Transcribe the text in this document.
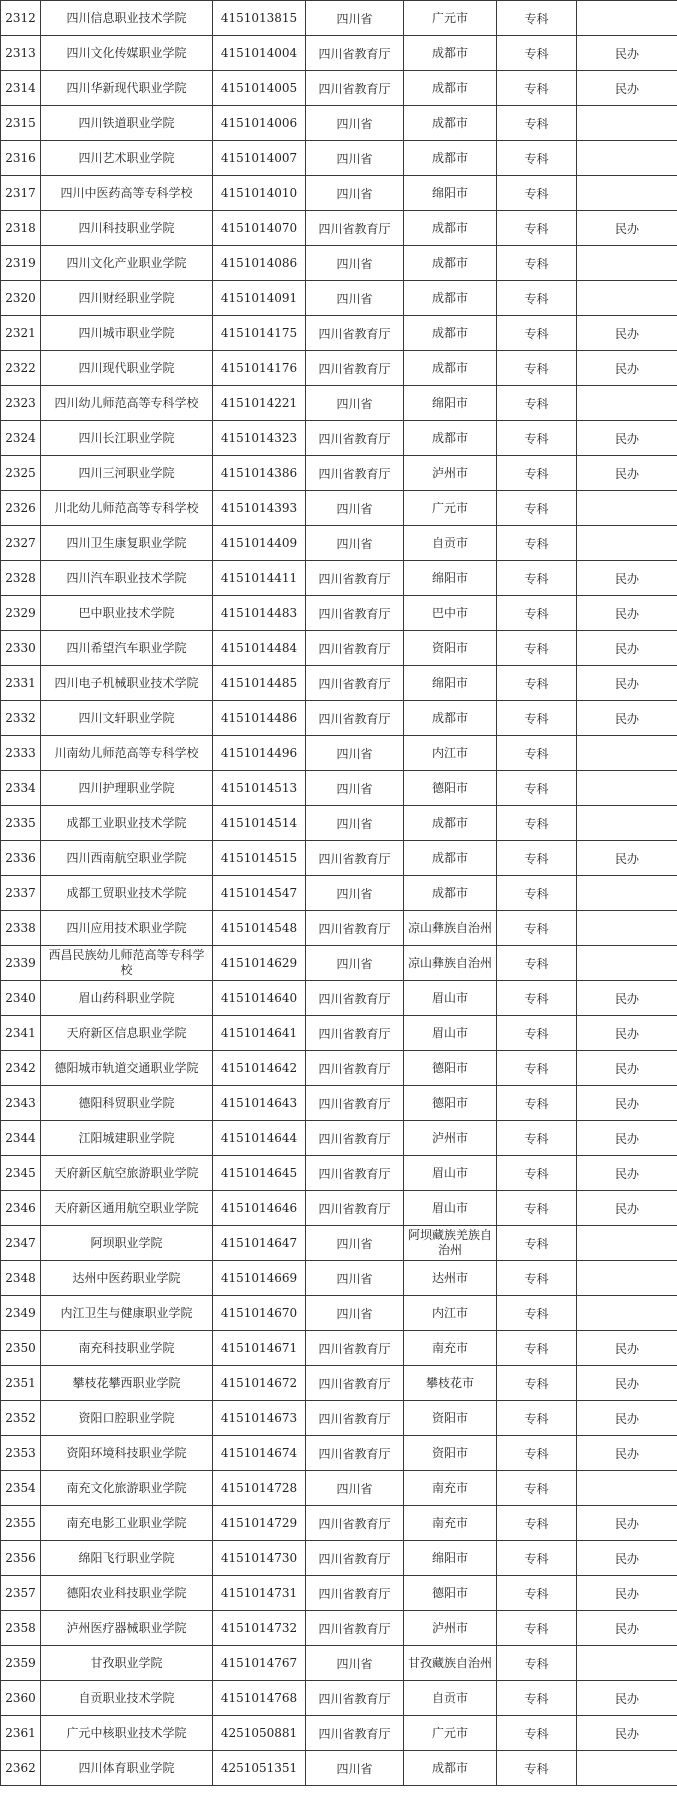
2312	四川信息职业技术学院	4151013815	四川省	广元市	专科	
2313	四川文化传媒职业学院	4151014004	四川省教育厅	成都市	专科	民办
2314	四川华新现代职业学院	4151014005	四川省教育厅	成都市	专科	民办
2315	四川铁道职业学院	4151014006	四川省	成都市	专科	
2316	四川艺术职业学院	4151014007	四川省	成都市	专科	
2317	四川中医药高等专科学校	4151014010	四川省	绵阳市	专科	
2318	四川科技职业学院	4151014070	四川省教育厅	成都市	专科	民办
2319	四川文化产业职业学院	4151014086	四川省	成都市	专科	
2320	四川财经职业学院	4151014091	四川省	成都市	专科	
2321	四川城市职业学院	4151014175	四川省教育厅	成都市	专科	民办
2322	四川现代职业学院	4151014176	四川省教育厅	成都市	专科	民办
2323	四川幼儿师范高等专科学校	4151014221	四川省	绵阳市	专科	
2324	四川长江职业学院	4151014323	四川省教育厅	成都市	专科	民办
2325	四川三河职业学院	4151014386	四川省教育厅	泸州市	专科	民办
2326	川北幼儿师范高等专科学校	4151014393	四川省	广元市	专科	
2327	四川卫生康复职业学院	4151014409	四川省	自贡市	专科	
2328	四川汽车职业技术学院	4151014411	四川省教育厅	绵阳市	专科	民办
2329	巴中职业技术学院	4151014483	四川省教育厅	巴中市	专科	民办
2330	四川希望汽车职业学院	4151014484	四川省教育厅	资阳市	专科	民办
2331	四川电子机械职业技术学院	4151014485	四川省教育厅	绵阳市	专科	民办
2332	四川文轩职业学院	4151014486	四川省教育厅	成都市	专科	民办
2333	川南幼儿师范高等专科学校	4151014496	四川省	内江市	专科	
2334	四川护理职业学院	4151014513	四川省	德阳市	专科	
2335	成都工业职业技术学院	4151014514	四川省	成都市	专科	
2336	四川西南航空职业学院	4151014515	四川省教育厅	成都市	专科	民办
2337	成都工贸职业技术学院	4151014547	四川省	成都市	专科	
2338	四川应用技术职业学院	4151014548	四川省教育厅	凉山彝族自治州	专科	
2339	西昌民族幼儿师范高等专科学校	4151014629	四川省	凉山彝族自治州	专科	
2340	眉山药科职业学院	4151014640	四川省教育厅	眉山市	专科	民办
2341	天府新区信息职业学院	4151014641	四川省教育厅	眉山市	专科	民办
2342	德阳城市轨道交通职业学院	4151014642	四川省教育厅	德阳市	专科	民办
2343	德阳科贸职业学院	4151014643	四川省教育厅	德阳市	专科	民办
2344	江阳城建职业学院	4151014644	四川省教育厅	泸州市	专科	民办
2345	天府新区航空旅游职业学院	4151014645	四川省教育厅	眉山市	专科	民办
2346	天府新区通用航空职业学院	4151014646	四川省教育厅	眉山市	专科	民办
2347	阿坝职业学院	4151014647	四川省	阿坝藏族羌族自治州	专科	
2348	达州中医药职业学院	4151014669	四川省	达州市	专科	
2349	内江卫生与健康职业学院	4151014670	四川省	内江市	专科	
2350	南充科技职业学院	4151014671	四川省教育厅	南充市	专科	民办
2351	攀枝花攀西职业学院	4151014672	四川省教育厅	攀枝花市	专科	民办
2352	资阳口腔职业学院	4151014673	四川省教育厅	资阳市	专科	民办
2353	资阳环境科技职业学院	4151014674	四川省教育厅	资阳市	专科	民办
2354	南充文化旅游职业学院	4151014728	四川省	南充市	专科	
2355	南充电影工业职业学院	4151014729	四川省教育厅	南充市	专科	民办
2356	绵阳飞行职业学院	4151014730	四川省教育厅	绵阳市	专科	民办
2357	德阳农业科技职业学院	4151014731	四川省教育厅	德阳市	专科	民办
2358	泸州医疗器械职业学院	4151014732	四川省教育厅	泸州市	专科	民办
2359	甘孜职业学院	4151014767	四川省	甘孜藏族自治州	专科	
2360	自贡职业技术学院	4151014768	四川省教育厅	自贡市	专科	民办
2361	广元中核职业技术学院	4251050881	四川省教育厅	广元市	专科	民办
2362	四川体育职业学院	4251051351	四川省	成都市	专科	
